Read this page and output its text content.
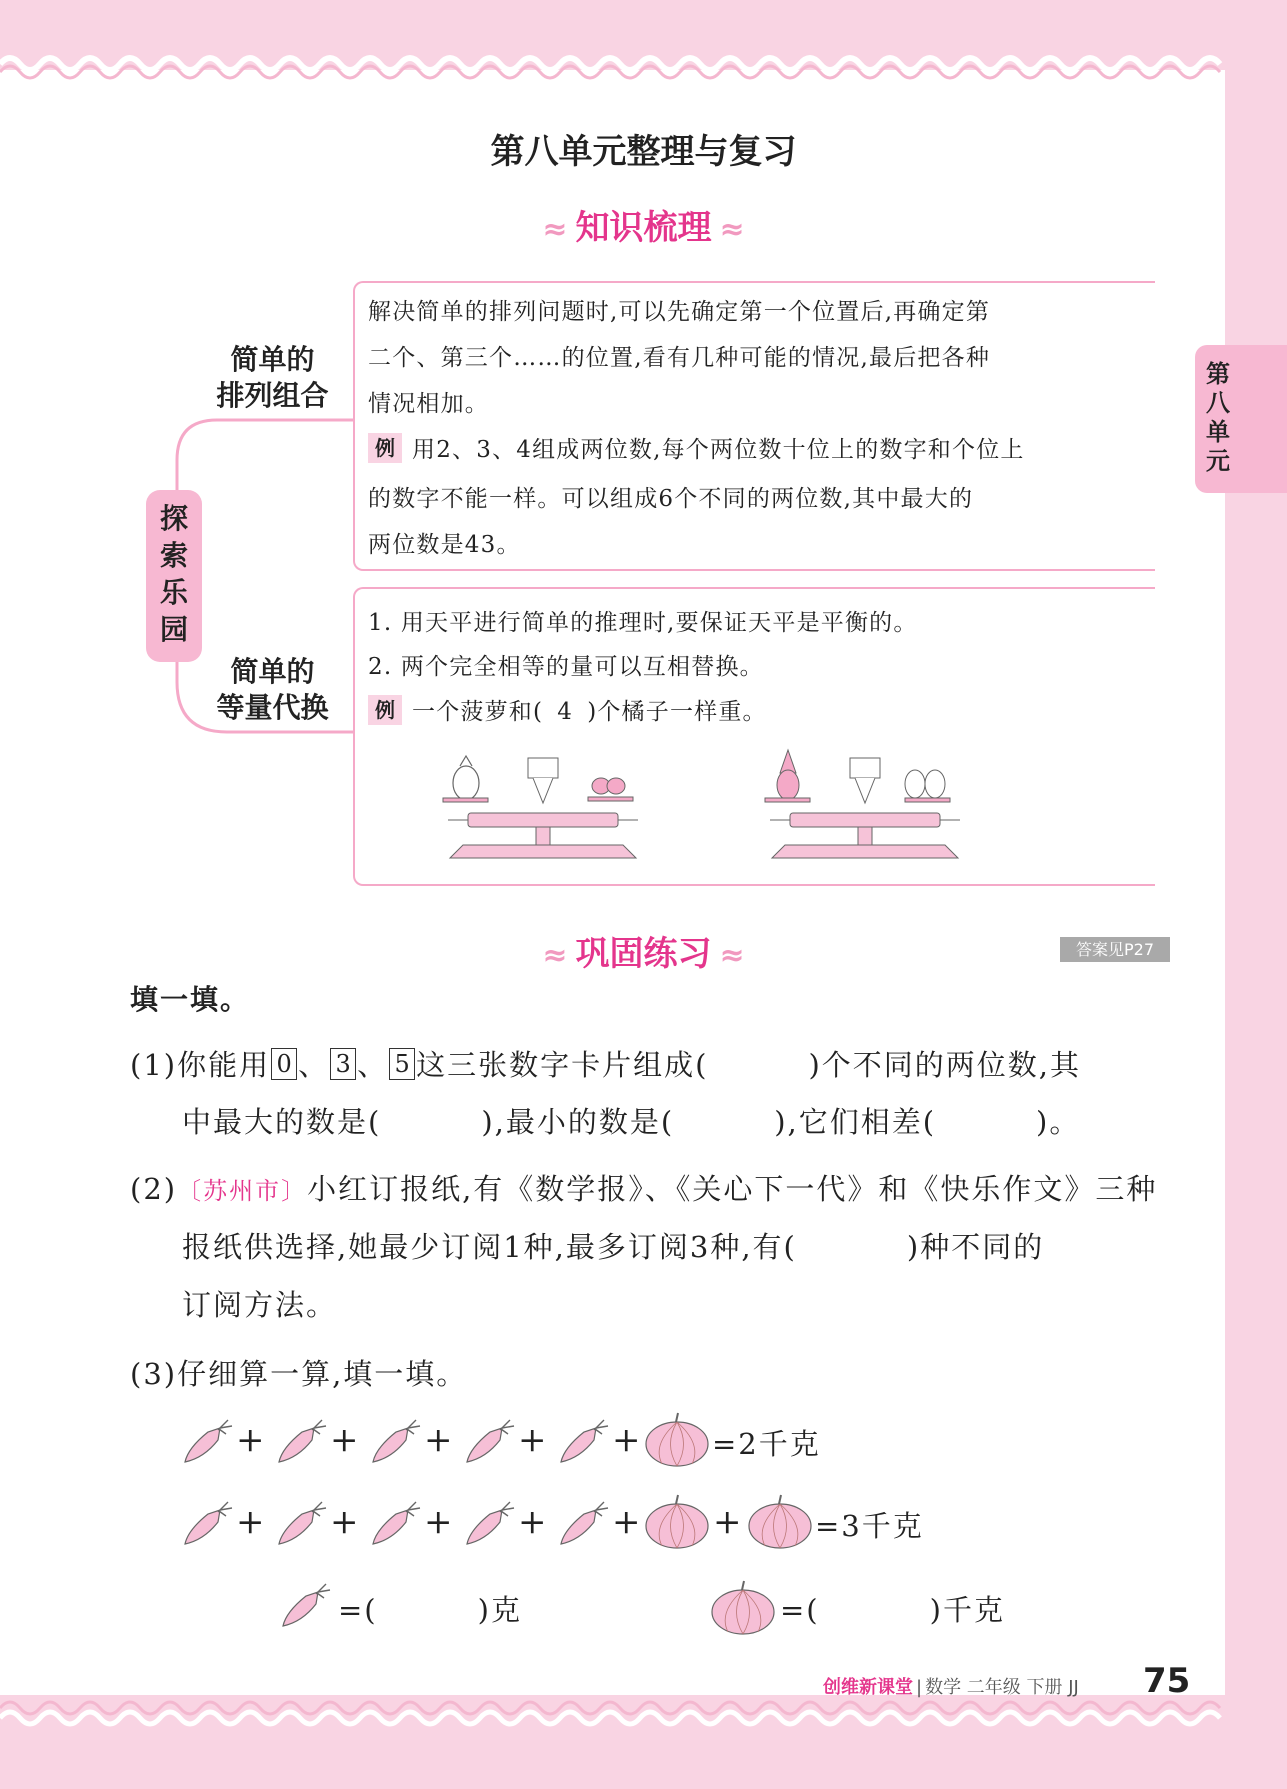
第八单元整理与复习
第八单元
≈ 知识梳理 ≈
探索乐园
简单的
排列组合
简单的
等量代换
解决简单的排列问题时,可以先确定第一个位置后,再确定第
二个、第三个……的位置,看有几种可能的情况,最后把各种
情况相加。
例 用2、3、4组成两位数,每个两位数十位上的数字和个位上
的数字不能一样。可以组成6个不同的两位数,其中最大的
两位数是43。
1. 用天平进行简单的推理时,要保证天平是平衡的。
2. 两个完全相等的量可以互相替换。
例 一个菠萝和( 4 )个橘子一样重。
≈ 巩固练习 ≈	答案见P27
填一填。
(1)你能用 0 、 3 、 5 这三张数字卡片组成(	)个不同的两位数,其
中最大的数是(	),最小的数是(	),它们相差(	)。
(2)〔苏州市〕小红订报纸,有《数学报》、《关心下一代》和《快乐作文》三种
报纸供选择,她最少订阅1种,最多订阅3种,有(	)种不同的
订阅方法。
(3)仔细算一算,填一填。
+ + + + + =2千克
+ + + + + + =3千克
=(	)克	=(	)千克
创维新课堂 | 数学 二年级 下册 JJ 75
